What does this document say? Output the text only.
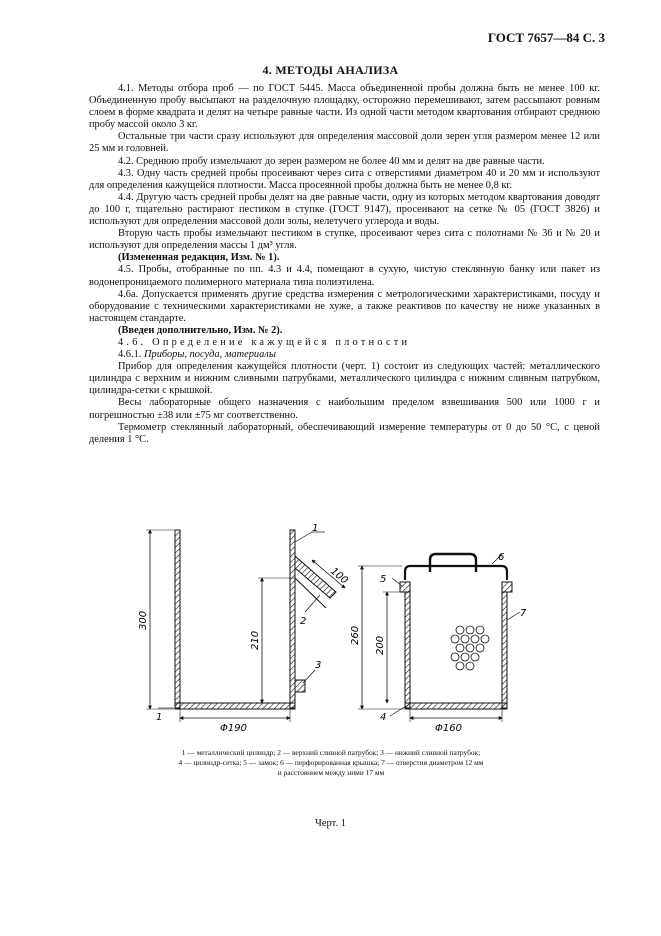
ГОСТ 7657—84 С. 3
4. МЕТОДЫ АНАЛИЗА

4.1. Методы отбора проб — по ГОСТ 5445. Масса объединенной пробы должна быть не менее 100 кг. Объединенную пробу высыпают на разделочную площадку, осторожно перемешивают, затем рассыпают ровным слоем в форме квадрата и делят на четыре равные части. Из одной части методом квартования отбирают среднюю пробу массой около 3 кг.

Остальные три части сразу используют для определения массовой доли зерен угля размером менее 12 или 25 мм и головней.

4.2. Среднюю пробу измельчают до зерен размером не более 40 мм и делят на две равные части.

4.3. Одну часть средней пробы просеивают через сита с отверстиями диаметром 40 и 20 мм и используют для определения кажущейся плотности. Масса просеянной пробы должна быть не менее 0,8 кг.

4.4. Другую часть средней пробы делят на две равные части, одну из которых методом квартования доводят до 100 г, тщательно растирают пестиком в ступке (ГОСТ 9147), просеивают на сетке № 05 (ГОСТ 3826) и используют для определения массовой доли золы, нелетучего углерода и воды.

Вторую часть пробы измельчают пестиком в ступке, просеивают через сита с полотнами № 36 и № 20 и используют для определения массы 1 дм³ угля.

(Измененная редакция, Изм. № 1).

4.5. Пробы, отобранные по пп. 4.3 и 4.4, помещают в сухую, чистую стеклянную банку или пакет из водонепроницаемого полимерного материала типа полиэтилена.

4.6а. Допускается применять другие средства измерения с метрологическими характеристиками, посуду и оборудование с техническими характеристиками не хуже, а также реактивов по качеству не ниже указанных в настоящем стандарте.

(Введен дополнительно, Изм. № 2).

4.6. Определение кажущейся плотности

4.6.1. Приборы, посуда, материалы

Прибор для определения кажущейся плотности (черт. 1) состоит из следующих частей: металлического цилиндра с верхним и нижним сливными патрубками, металлического цилиндра с нижним сливным патрубком, цилиндра-сетки с крышкой.

Весы лабораторные общего назначения с наибольшим пределом взвешивания 500 или 1000 г и погрешностью ±38 или ±75 мг соответственно.

Термометр стеклянный лабораторный, обеспечивающий измерение температуры от 0 до 50 °С, с ценой деления 1 °С.

1
2
3
1
300
210
100
Φ190
5
6
7
4
260
200
Φ160
1 — металлический цилиндр; 2 — верхний сливной патрубок; 3 — нижний сливной патрубок;
4 — цилиндр-сетка; 5 — замок; 6 — перфорированная крышка; 7 — отверстия диаметром 12 мм
и расстоянием между ними 17 мм
Черт. 1
